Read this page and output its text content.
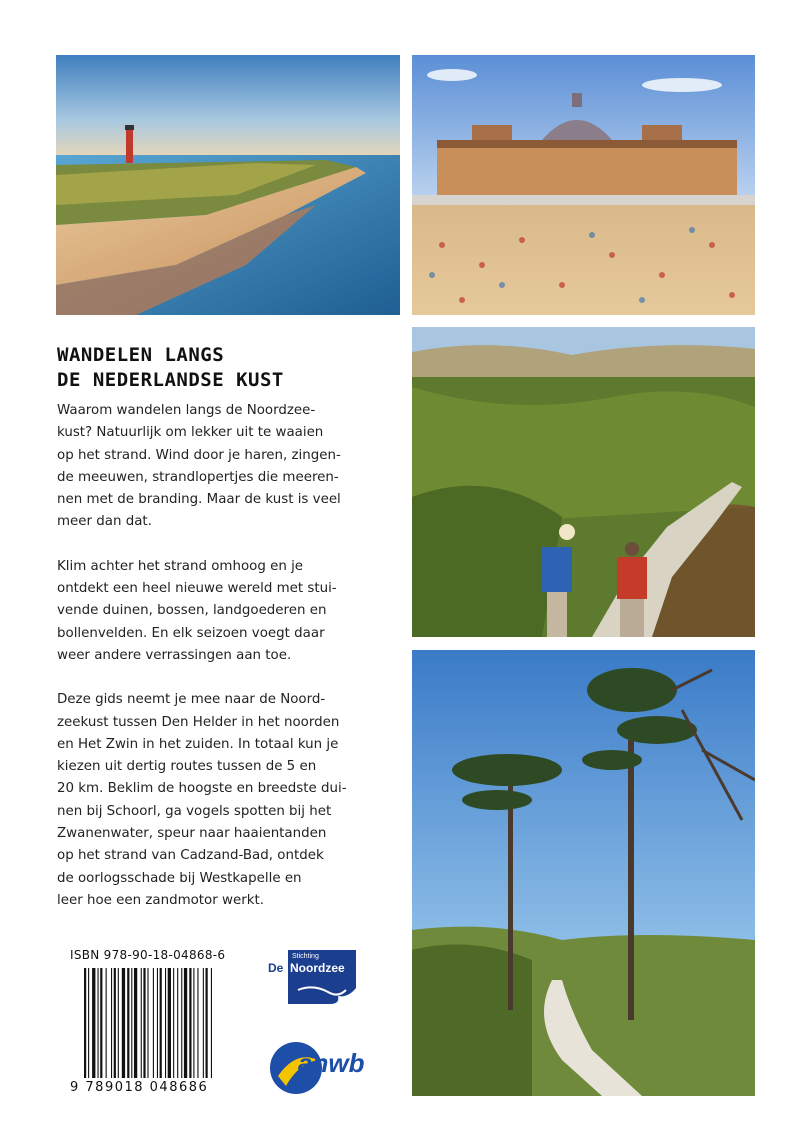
WANDELEN LANGS
DE NEDERLANDSE KUST
Waarom wandelen langs de Noordzee-
kust? Natuurlijk om lekker uit te waaien
op het strand. Wind door je haren, zingen-
de meeuwen, strandlopertjes die meeren-
nen met de branding. Maar de kust is veel
meer dan dat.
Klim achter het strand omhoog en je
ontdekt een heel nieuwe wereld met stui-
vende duinen, bossen, landgoederen en
bollenvelden. En elk seizoen voegt daar
weer andere verrassingen aan toe.
Deze gids neemt je mee naar de Noord-
zeekust tussen Den Helder in het noorden
en Het Zwin in het zuiden. In totaal kun je
kiezen uit dertig routes tussen de 5 en
20 km. Beklim de hoogste en breedste dui-
nen bij Schoorl, ga vogels spotten bij het
Zwanenwater, speur naar haaientanden
op het strand van Cadzand-Bad, ontdek
de oorlogsschade bij Westkapelle en
leer hoe een zandmotor werkt.
ISBN 978-90-18-04868-6
9 789018 048686
Stichting
De Noordzee
anwb
